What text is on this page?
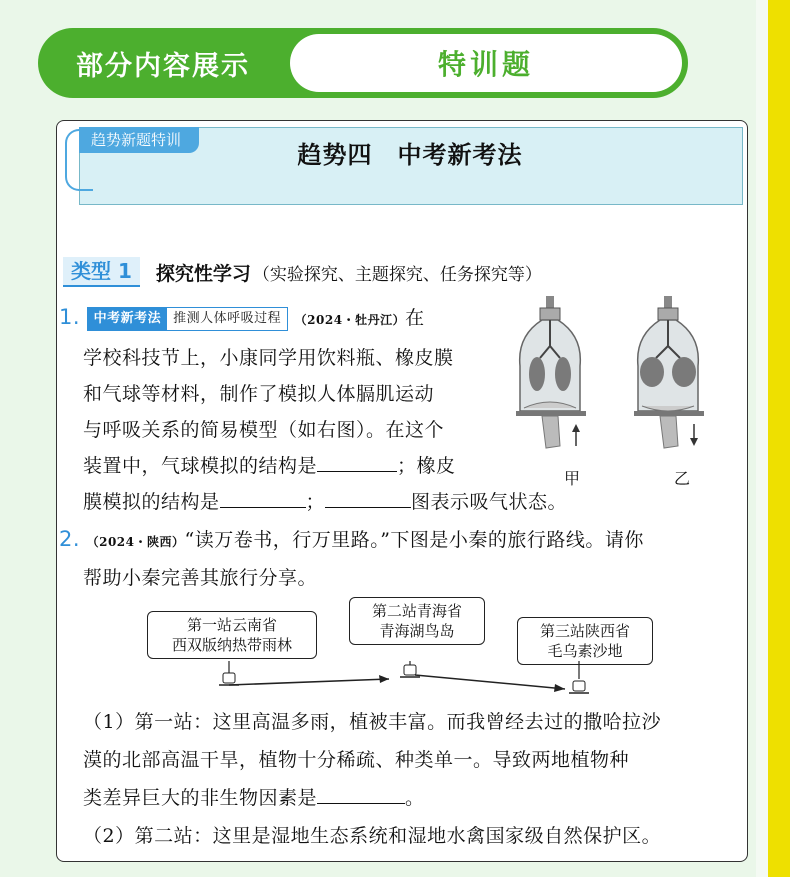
部分内容展示	特训题
趋势新题特训
趋势四　中考新考法
类型 1	探究性学习 （实验探究、主题探究、任务探究等）
1. 中考新考法 推测人体呼吸过程 （2024・牡丹江）在
学校科技节上，小康同学用饮料瓶、橡皮膜
和气球等材料，制作了模拟人体膈肌运动
与呼吸关系的简易模型（如右图）。在这个
装置中，气球模拟的结构是	；橡皮
膜模拟的结构是	；	图表示吸气状态。
甲	乙
2. （2024・陕西）“读万卷书，行万里路。”下图是小秦的旅行路线。请你
帮助小秦完善其旅行分享。
第一站云南省
西双版纳热带雨林
第二站青海省
青海湖鸟岛	第三站陕西省
毛乌素沙地
（1）第一站：这里高温多雨，植被丰富。而我曾经去过的撒哈拉沙
漠的北部高温干旱，植物十分稀疏、种类单一。导致两地植物种
类差异巨大的非生物因素是	。
（2）第二站：这里是湿地生态系统和湿地水禽国家级自然保护区。
